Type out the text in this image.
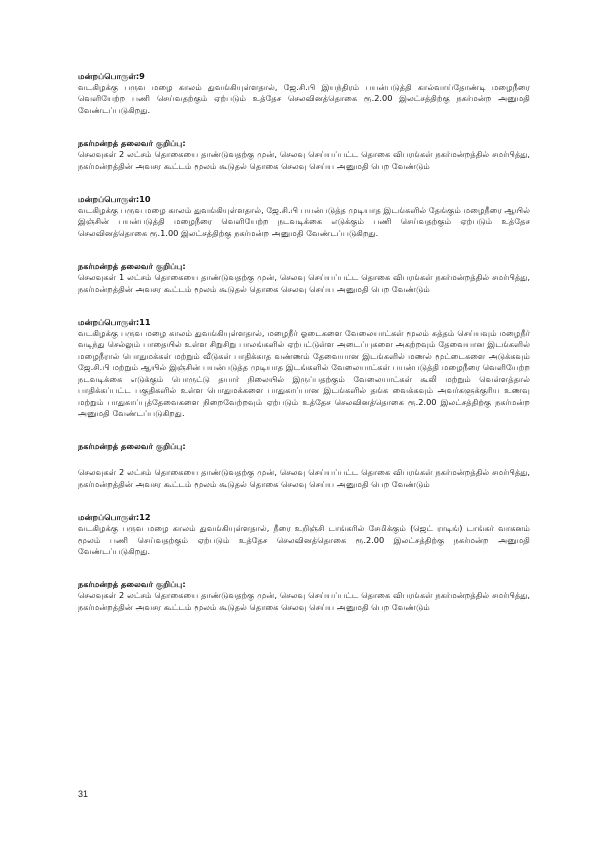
மன்றப்பொருள்:9

வடகிழக்கு பருவ மழை காலம் துவங்கியுள்ளதால், ஜே.சி.பி இயந்திரம் பயன்படுத்தி கால்வாய்தோண்டி மழைநீரை வெளியேற்ற பணி செய்வதற்கும் ஏற்படும் உத்தேச செலவினத்தொகை ரூ.2.00 இலட்சத்திற்கு நகர்மன்ற அனுமதி வேண்டப்படுகிறது.

நகர்மன்றத் தலைவர் குறிப்பு:

செலவுகள் 2 லட்சம் தொகையை தாண்டுவதற்கு முன், செலவு செய்யப்பட்ட தொகை விபரங்கள் நகர்மன்றத்தில் சமர்பித்து, நகர்மன்றத்தின் அவசர கூட்டம் மூலம் கூடுதல் தொகை செலவு செய்ய அனுமதி பெற வேண்டும்

மன்றப்பொருள்:10

வடகிழக்கு பருவ மழை காலம் துவங்கியுள்ளதால், ஜே.சி.பி பயன்படுத்த முடியாத இடங்களில் தேங்கும் மழைநீரை ஆயில் இஞ்சின் பயன்படுத்தி மழைநீரை வெளியேற்ற நடவடிக்கை எடுக்கும் பணி செய்வதற்கும் ஏற்படும் உத்தேச செலவினத்தொகை ரூ.1.00 இலட்சத்திற்கு நகர்மன்ற அனுமதி வேண்டப்படுகிறது.

நகர்மன்றத் தலைவர் குறிப்பு:

செலவுகள் 1 லட்சம் தொகையை தாண்டுவதற்கு முன், செலவு செய்யப்பட்ட தொகை விபரங்கள் நகர்மன்றத்தில் சமர்பித்து, நகர்மன்றத்தின் அவசர கூட்டம் மூலம் கூடுதல் தொகை செலவு செய்ய அனுமதி பெற வேண்டும்

மன்றப்பொருள்:11

வடகிழக்கு பருவ மழை காலம் துவங்கியுள்ளதால், மழைநீர் ஓடைகளை வேலையாட்கள் மூலம் சுத்தம் செய்யவும் மழைநீர் வடிந்து செல்லும் பாதையில் உள்ள சிறுசிறு பாலங்களில் ஏற்பட்டுள்ள அடைப்புகளை அகற்றவும் தேவையான இடங்களில் மழைநீரால் பொதுமக்கள் மற்றும் வீடுகள் பாதிக்காத வண்ணம் தேவையான இடங்களில் மணல் மூட்டைகளை அடுக்கவும் ஜே.சி.பி மற்றும் ஆயில் இஞ்சின் பயன்படுத்த முடியாத இடங்களில் வேலையாட்கள் பயன்படுத்தி மழைநீரை வெளியேற்ற நடவடிக்கை எடுக்கும் பொருட்டு தயார் நிலையில் இருப்பதற்கும் வேலையாட்கள் கூலி மற்றும் வெள்ளத்தால் பாதிக்கப்பட்ட பகுதிகளில் உள்ள பொதுமக்களை பாதுகாப்பான இடங்களில் தங்க வைக்கவும் அவர்களுக்குரிய உணவு மற்றும் பாதுகாப்புத்தேவைகளை நிறைவேற்றவும் ஏற்படும் உத்தேச செலவினத்தொகை ரூ.2.00 இலட்சத்திற்கு நகர்மன்ற அனுமதி வேண்டப்படுகிறது.

நகர்மன்றத் தலைவர் குறிப்பு:

செலவுகள் 2 லட்சம் தொகையை தாண்டுவதற்கு முன், செலவு செய்யப்பட்ட தொகை விபரங்கள் நகர்மன்றத்தில் சமர்பித்து, நகர்மன்றத்தின் அவசர கூட்டம் மூலம் கூடுதல் தொகை செலவு செய்ய அனுமதி பெற வேண்டும்

மன்றப்பொருள்:12

வடகிழக்கு பருவ மழை காலம் துவங்கியுள்ளதால், நீரை உறிஞ்சி டாங்கரில் சேமிக்கும் (ஜெட் ராடிங்) டாங்கர் வாகனம் மூலம் பணி செய்வதற்கும் ஏற்படும் உத்தேச செலவினத்தொகை ரூ.2.00 இலட்சத்திற்கு நகர்மன்ற அனுமதி வேண்டப்படுகிறது.

நகர்மன்றத் தலைவர் குறிப்பு:

செலவுகள் 2 லட்சம் தொகையை தாண்டுவதற்கு முன், செலவு செய்யப்பட்ட தொகை விபரங்கள் நகர்மன்றத்தில் சமர்பித்து, நகர்மன்றத்தின் அவசர கூட்டம் மூலம் கூடுதல் தொகை செலவு செய்ய அனுமதி பெற வேண்டும்

31
